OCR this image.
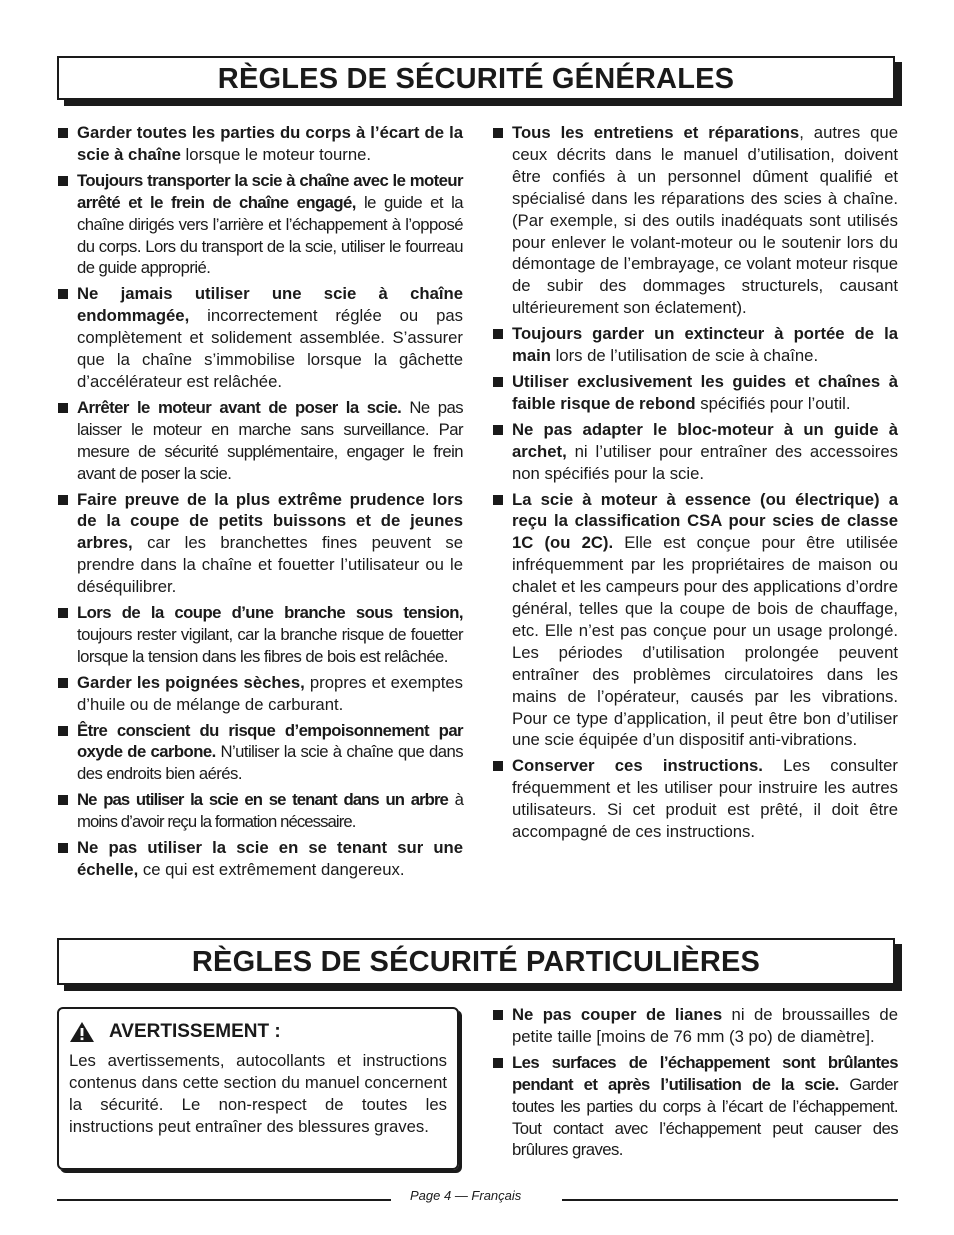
RÈGLES DE SÉCURITÉ GÉNÉRALES
Garder toutes les parties du corps à l’écart de la scie à chaîne lorsque le moteur tourne.
Toujours transporter la scie à chaîne avec le moteur arrêté et le frein de chaîne engagé, le guide et la chaîne dirigés vers l’arrière et l’échappement à l’opposé du corps. Lors du transport de la scie, utiliser le fourreau de guide approprié.
Ne jamais utiliser une scie à chaîne endommagée, incorrectement réglée ou pas complètement et solidement assemblée. S’assurer que la chaîne s’immobilise lorsque la gâchette d’accélérateur est relâchée.
Arrêter le moteur avant de poser la scie. Ne pas laisser le moteur en marche sans surveillance. Par mesure de sécurité supplémentaire, engager le frein avant de poser la scie.
Faire preuve de la plus extrême prudence lors de la coupe de petits buissons et de jeunes arbres, car les branchettes fines peuvent se prendre dans la chaîne et fouetter l’utilisateur ou le déséquilibrer.
Lors de la coupe d’une branche sous tension, toujours rester vigilant, car la branche risque de fouetter lorsque la tension dans les fibres de bois est relâchée.
Garder les poignées sèches, propres et exemptes d’huile ou de mélange de carburant.
Être conscient du risque d’empoisonnement par oxyde de carbone. N’utiliser la scie à chaîne que dans des endroits bien aérés.
Ne pas utiliser la scie en se tenant dans un arbre à moins d’avoir reçu la formation nécessaire.
Ne pas utiliser la scie en se tenant sur une échelle, ce qui est extrêmement dangereux.
Tous les entretiens et réparations, autres que ceux décrits dans le manuel d’utilisation, doivent être confiés à un personnel dûment qualifié et spécialisé dans les réparations des scies à chaîne. (Par exemple, si des outils inadéquats sont utilisés pour enlever le volant-moteur ou le soutenir lors du démontage de l’embrayage, ce volant moteur risque de subir des dommages structurels, causant ultérieurement son éclatement).
Toujours garder un extincteur à portée de la main lors de l’utilisation de scie à chaîne.
Utiliser exclusivement les guides et chaînes à faible risque de rebond spécifiés pour l’outil.
Ne pas adapter le bloc-moteur à un guide à archet, ni l’utiliser pour entraîner des accessoires non spécifiés pour la scie.
La scie à moteur à essence (ou électrique) a reçu la classification CSA pour scies de classe 1C (ou 2C). Elle est conçue pour être utilisée infréquemment par les propriétaires de maison ou chalet et les campeurs pour des applications d’ordre général, telles que la coupe de bois de chauffage, etc. Elle n’est pas conçue pour un usage prolongé. Les périodes d’utilisation prolongée peuvent entraîner des problèmes circulatoires dans les mains de l’opérateur, causés par les vibrations. Pour ce type d’application, il peut être bon d’utiliser une scie équipée d’un dispositif anti-vibrations.
Conserver ces instructions. Les consulter fréquemment et les utiliser pour instruire les autres utilisateurs. Si cet produit est prêté, il doit être accompagné de ces instructions.
RÈGLES DE SÉCURITÉ PARTICULIÈRES
AVERTISSEMENT :
Les avertissements, autocollants et instructions contenus dans cette section du manuel concernent la sécurité. Le non-respect de toutes les instructions peut entraîner des blessures graves.
Ne pas couper de lianes ni de broussailles de petite taille [moins de 76 mm (3 po) de diamètre].
Les surfaces de l’échappement sont brûlantes pendant et après l’utilisation de la scie. Garder toutes les parties du corps à l’écart de l’échappement. Tout contact avec l’échappement peut causer des brûlures graves.
Page 4 — Français
